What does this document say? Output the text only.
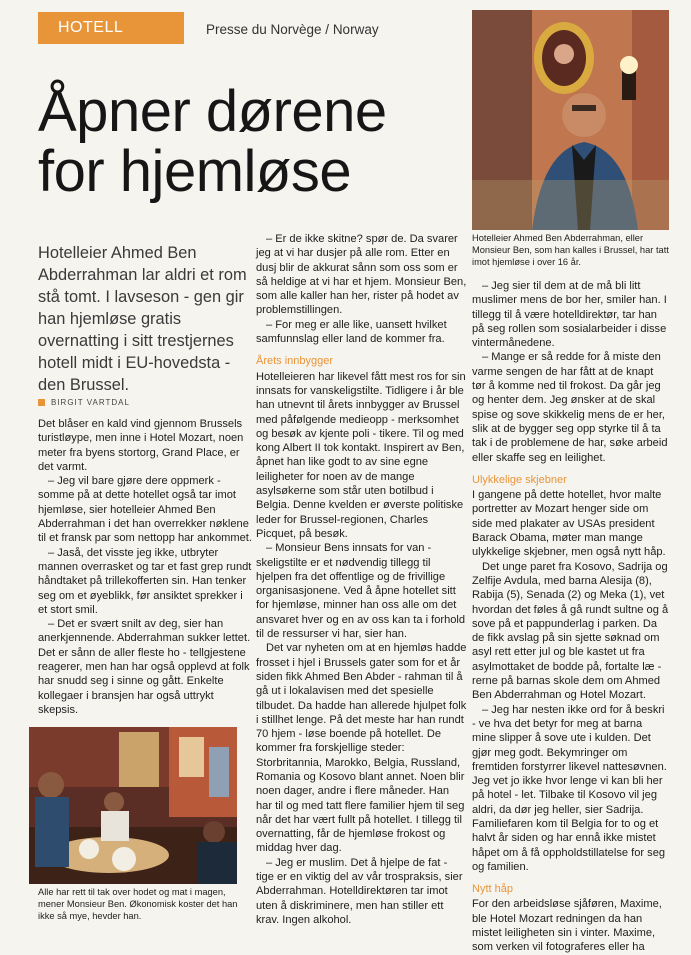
HOTELL	Presse du Norvège / Norway
Åpner dørene for hjemløse

Hotelleier Ahmed Ben Abderrahman lar aldri et rom stå tomt. I lavseson - gen gir han hjemløse gratis overnatting i sitt trestjernes hotell midt i EU-hovedsta - den Brussel.

BIRGIT VARTDAL

Det blåser en kald vind gjennom Brussels turistløype, men inne i Hotel Mozart, noen meter fra byens stortorg, Grand Place, er det varmt.

– Jeg vil bare gjøre dere oppmerk - somme på at dette hotellet også tar imot hjemløse, sier hotelleier Ahmed Ben Abderrahman i det han overrekker nøklene til et fransk par som nettopp har ankommet.

– Jaså, det visste jeg ikke, utbryter mannen overrasket og tar et fast grep rundt håndtaket på trillekofferten sin. Han tenker seg om et øyeblikk, før ansiktet sprekker i et stort smil.

– Det er svært snilt av deg, sier han anerkjennende. Abderrahman sukker lettet. Det er sånn de aller fleste ho - tellgjestene reagerer, men han har også opplevd at folk har snudd seg i sinne og gått. Enkelte kollegaer i bransjen har også uttrykt skepsis.

Alle har rett til tak over hodet og mat i magen, mener Monsieur Ben. Økonomisk koster det han ikke så mye, hevder han.

– Er de ikke skitne? spør de. Da svarer jeg at vi har dusjer på alle rom. Etter en dusj blir de akkurat sånn som oss som er så heldige at vi har et hjem. Monsieur Ben, som alle kaller han her, rister på hodet av problemstillingen.

– For meg er alle like, uansett hvilket samfunnslag eller land de kommer fra.

Årets innbygger

Hotelleieren har likevel fått mest ros for sin innsats for vanskeligstilte. Tidligere i år ble han utnevnt til årets innbygger av Brussel med påfølgende medieopp - merksomhet og besøk av kjente poli - tikere. Til og med kong Albert II tok kontakt. Inspirert av Ben, åpnet han like godt to av sine egne leiligheter for noen av de mange asylsøkerne som står uten botilbud i Belgia. Denne kvelden er øverste politiske leder for Brussel-regionen, Charles Picquet, på besøk.

– Monsieur Bens innsats for van - skeligstilte er et nødvendig tillegg til hjelpen fra det offentlige og de frivillige organisasjonene. Ved å åpne hotellet sitt for hjemløse, minner han oss alle om det ansvaret hver og en av oss kan ta i forhold til de ressurser vi har, sier han.

Det var nyheten om at en hjemløs hadde frosset i hjel i Brussels gater som for et år siden fikk Ahmed Ben Abder - rahman til å gå ut i lokalavisen med det spesielle tilbudet. Da hadde han allerede hjulpet folk i stillhet lenge. På det meste har han rundt 70 hjem - løse boende på hotellet. De kommer fra forskjellige steder: Storbritannia, Marokko, Belgia, Russland, Romania og Kosovo blant annet. Noen blir noen dager, andre i flere måneder. Han har til og med tatt flere familier hjem til seg når det har vært fullt på hotellet. I tillegg til overnatting, får de hjemløse frokost og middag hver dag.

– Jeg er muslim. Det å hjelpe de fat - tige er en viktig del av vår trospraksis, sier Abderrahman. Hotelldirektøren tar imot uten å diskriminere, men han stiller ett krav. Ingen alkohol.

Hotelleier Ahmed Ben Abderrahman, eller Monsieur Ben, som han kalles i Brussel, har tatt imot hjemløse i over 16 år.

– Jeg sier til dem at de må bli litt muslimer mens de bor her, smiler han. I tillegg til å være hotelldirektør, tar han på seg rollen som sosialarbeider i disse vintermånedene.

– Mange er så redde for å miste den varme sengen de har fått at de knapt tør å komme ned til frokost. Da går jeg og henter dem. Jeg ønsker at de skal spise og sove skikkelig mens de er her, slik at de bygger seg opp styrke til å ta tak i de problemene de har, søke arbeid eller skaffe seg en leilighet.

Ulykkelige skjebner

I gangene på dette hotellet, hvor malte portretter av Mozart henger side om side med plakater av USAs president Barack Obama, møter man mange ulykkelige skjebner, men også nytt håp.

Det unge paret fra Kosovo, Sadrija og Zelfije Avdula, med barna Alesija (8), Rabija (5), Senada (2) og Meka (1), vet hvordan det føles å gå rundt sultne og å sove på et pappunderlag i parken. Da de fikk avslag på sin sjette søknad om asyl rett etter jul og ble kastet ut fra asylmottaket de bodde på, fortalte læ - rerne på barnas skole dem om Ahmed Ben Abderrahman og Hotel Mozart.

– Jeg har nesten ikke ord for å beskri - ve hva det betyr for meg at barna mine slipper å sove ute i kulden. Det gjør meg godt. Bekymringer om fremtiden forstyrrer likevel nattesøvnen. Jeg vet jo ikke hvor lenge vi kan bli her på hotel - let. Tilbake til Kosovo vil jeg aldri, da dør jeg heller, sier Sadrija. Familiefaren kom til Belgia for to og et halvt år siden og har ennå ikke mistet håpet om å få oppholdstillatelse for seg og familien.

Nytt håp

For den arbeidsløse sjåføren, Maxime, ble Hotel Mozart redningen da han mistet leiligheten sin i vinter. Maxime, som verken vil fotograferes eller ha
